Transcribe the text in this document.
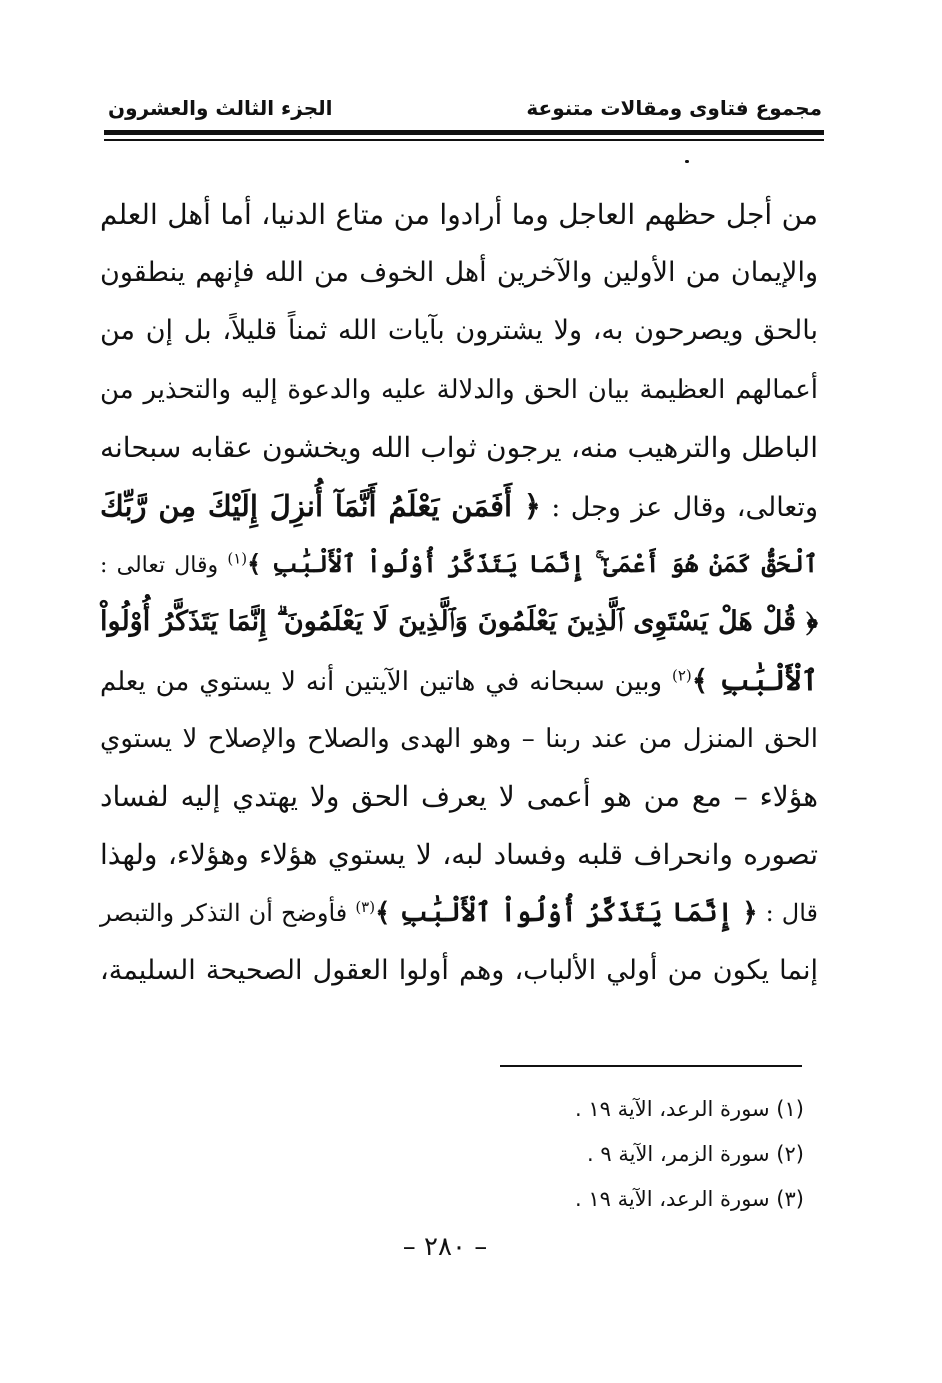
مجموع فتاوى ومقالات متنوعة
الجزء الثالث والعشرون
من أجل حظهم العاجل وما أرادوا من متاع الدنيا، أما أهل العلم
والإيمان من الأولين والآخرين أهل الخوف من الله فإنهم ينطقون
بالحق ويصرحون به، ولا يشترون بآيات الله ثمناً قليلاً، بل إن من
أعمالهم العظيمة بيان الحق والدلالة عليه والدعوة إليه والتحذير من
الباطل والترهيب منه، يرجون ثواب الله ويخشون عقابه سبحانه
وتعالى، وقال عز وجل : ﴿ أَفَمَن يَعْلَمُ أَنَّمَآ أُنزِلَ إِلَيْكَ مِن رَّبِّكَ
ٱلْحَقُّ كَمَنْ هُوَ أَعْمَىٰٓ ۚ إِنَّمَا يَتَذَكَّرُ أُوْلُواْ ٱلْأَلْبَٰبِ ﴾$^{(١)}$ وقال تعالى :
﴿ قُلْ هَلْ يَسْتَوِى ٱلَّذِينَ يَعْلَمُونَ وَٱلَّذِينَ لَا يَعْلَمُونَ ۗ إِنَّمَا يَتَذَكَّرُ أُوْلُواْ
ٱلْأَلْبَٰبِ ﴾$^{(٢)}$ وبين سبحانه في هاتين الآيتين أنه لا يستوي من يعلم
الحق المنزل من عند ربنا – وهو الهدى والصلاح والإصلاح لا يستوي
هؤلاء – مع من هو أعمى لا يعرف الحق ولا يهتدي إليه لفساد
تصوره وانحراف قلبه وفساد لبه، لا يستوي هؤلاء وهؤلاء، ولهذا
قال : ﴿ إِنَّمَا يَتَذَكَّرُ أُوْلُواْ ٱلْأَلْبَٰبِ ﴾$^{(٣)}$ فأوضح أن التذكر والتبصر
إنما يكون من أولي الألباب، وهم أولوا العقول الصحيحة السليمة،
(١) سورة الرعد، الآية ١٩ .
(٢) سورة الزمر، الآية ٩ .
(٣) سورة الرعد، الآية ١٩ .
– ٢٨٠ –
